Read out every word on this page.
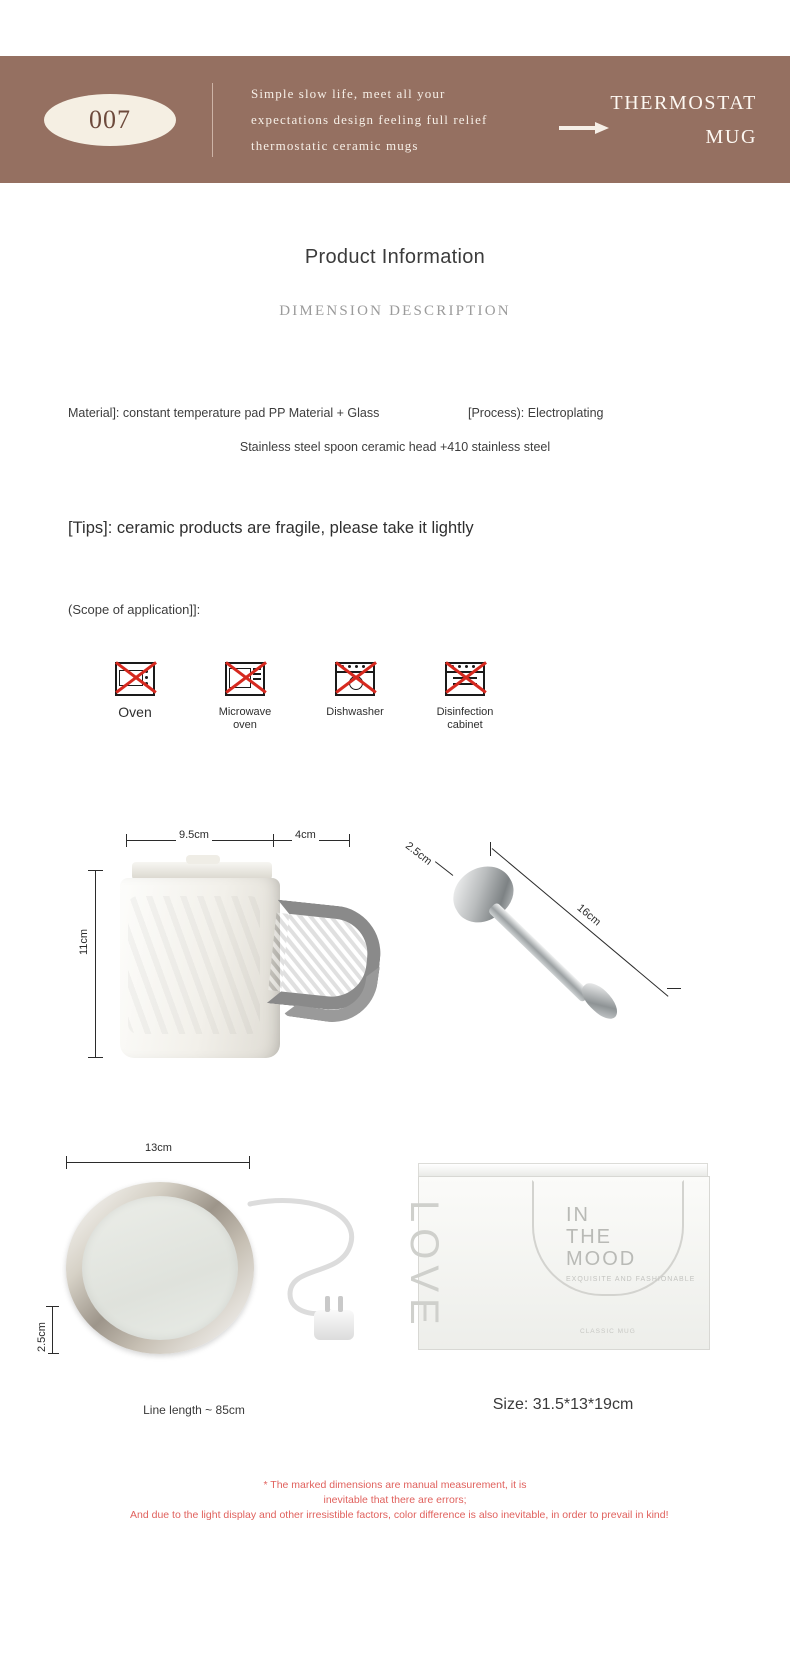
007
Simple slow life, meet all your
expectations design feeling full relief
thermostatic ceramic mugs
THERMOSTAT
MUG
Product Information
DIMENSION DESCRIPTION
Material]: constant temperature pad PP Material + Glass	[Process): Electroplating
Stainless steel spoon ceramic head +410 stainless steel
[Tips]: ceramic products are fragile, please take it lightly
(Scope of application]]:
Oven	Microwave
oven
Dishwasher	Disinfection
cabinet
9.5cm	4cm
11cm
2.5cm
16cm
13cm
2.5cm
Line length ~ 85cm
LOVE	IN
THE
MOOD
EXQUISITE AND FASHIONABLE
CLASSIC MUG
Size: 31.5*13*19cm
* The marked dimensions are manual measurement, it is
inevitable that there are errors;
And due to the light display and other irresistible factors, color difference is also inevitable, in order to prevail in kind!
